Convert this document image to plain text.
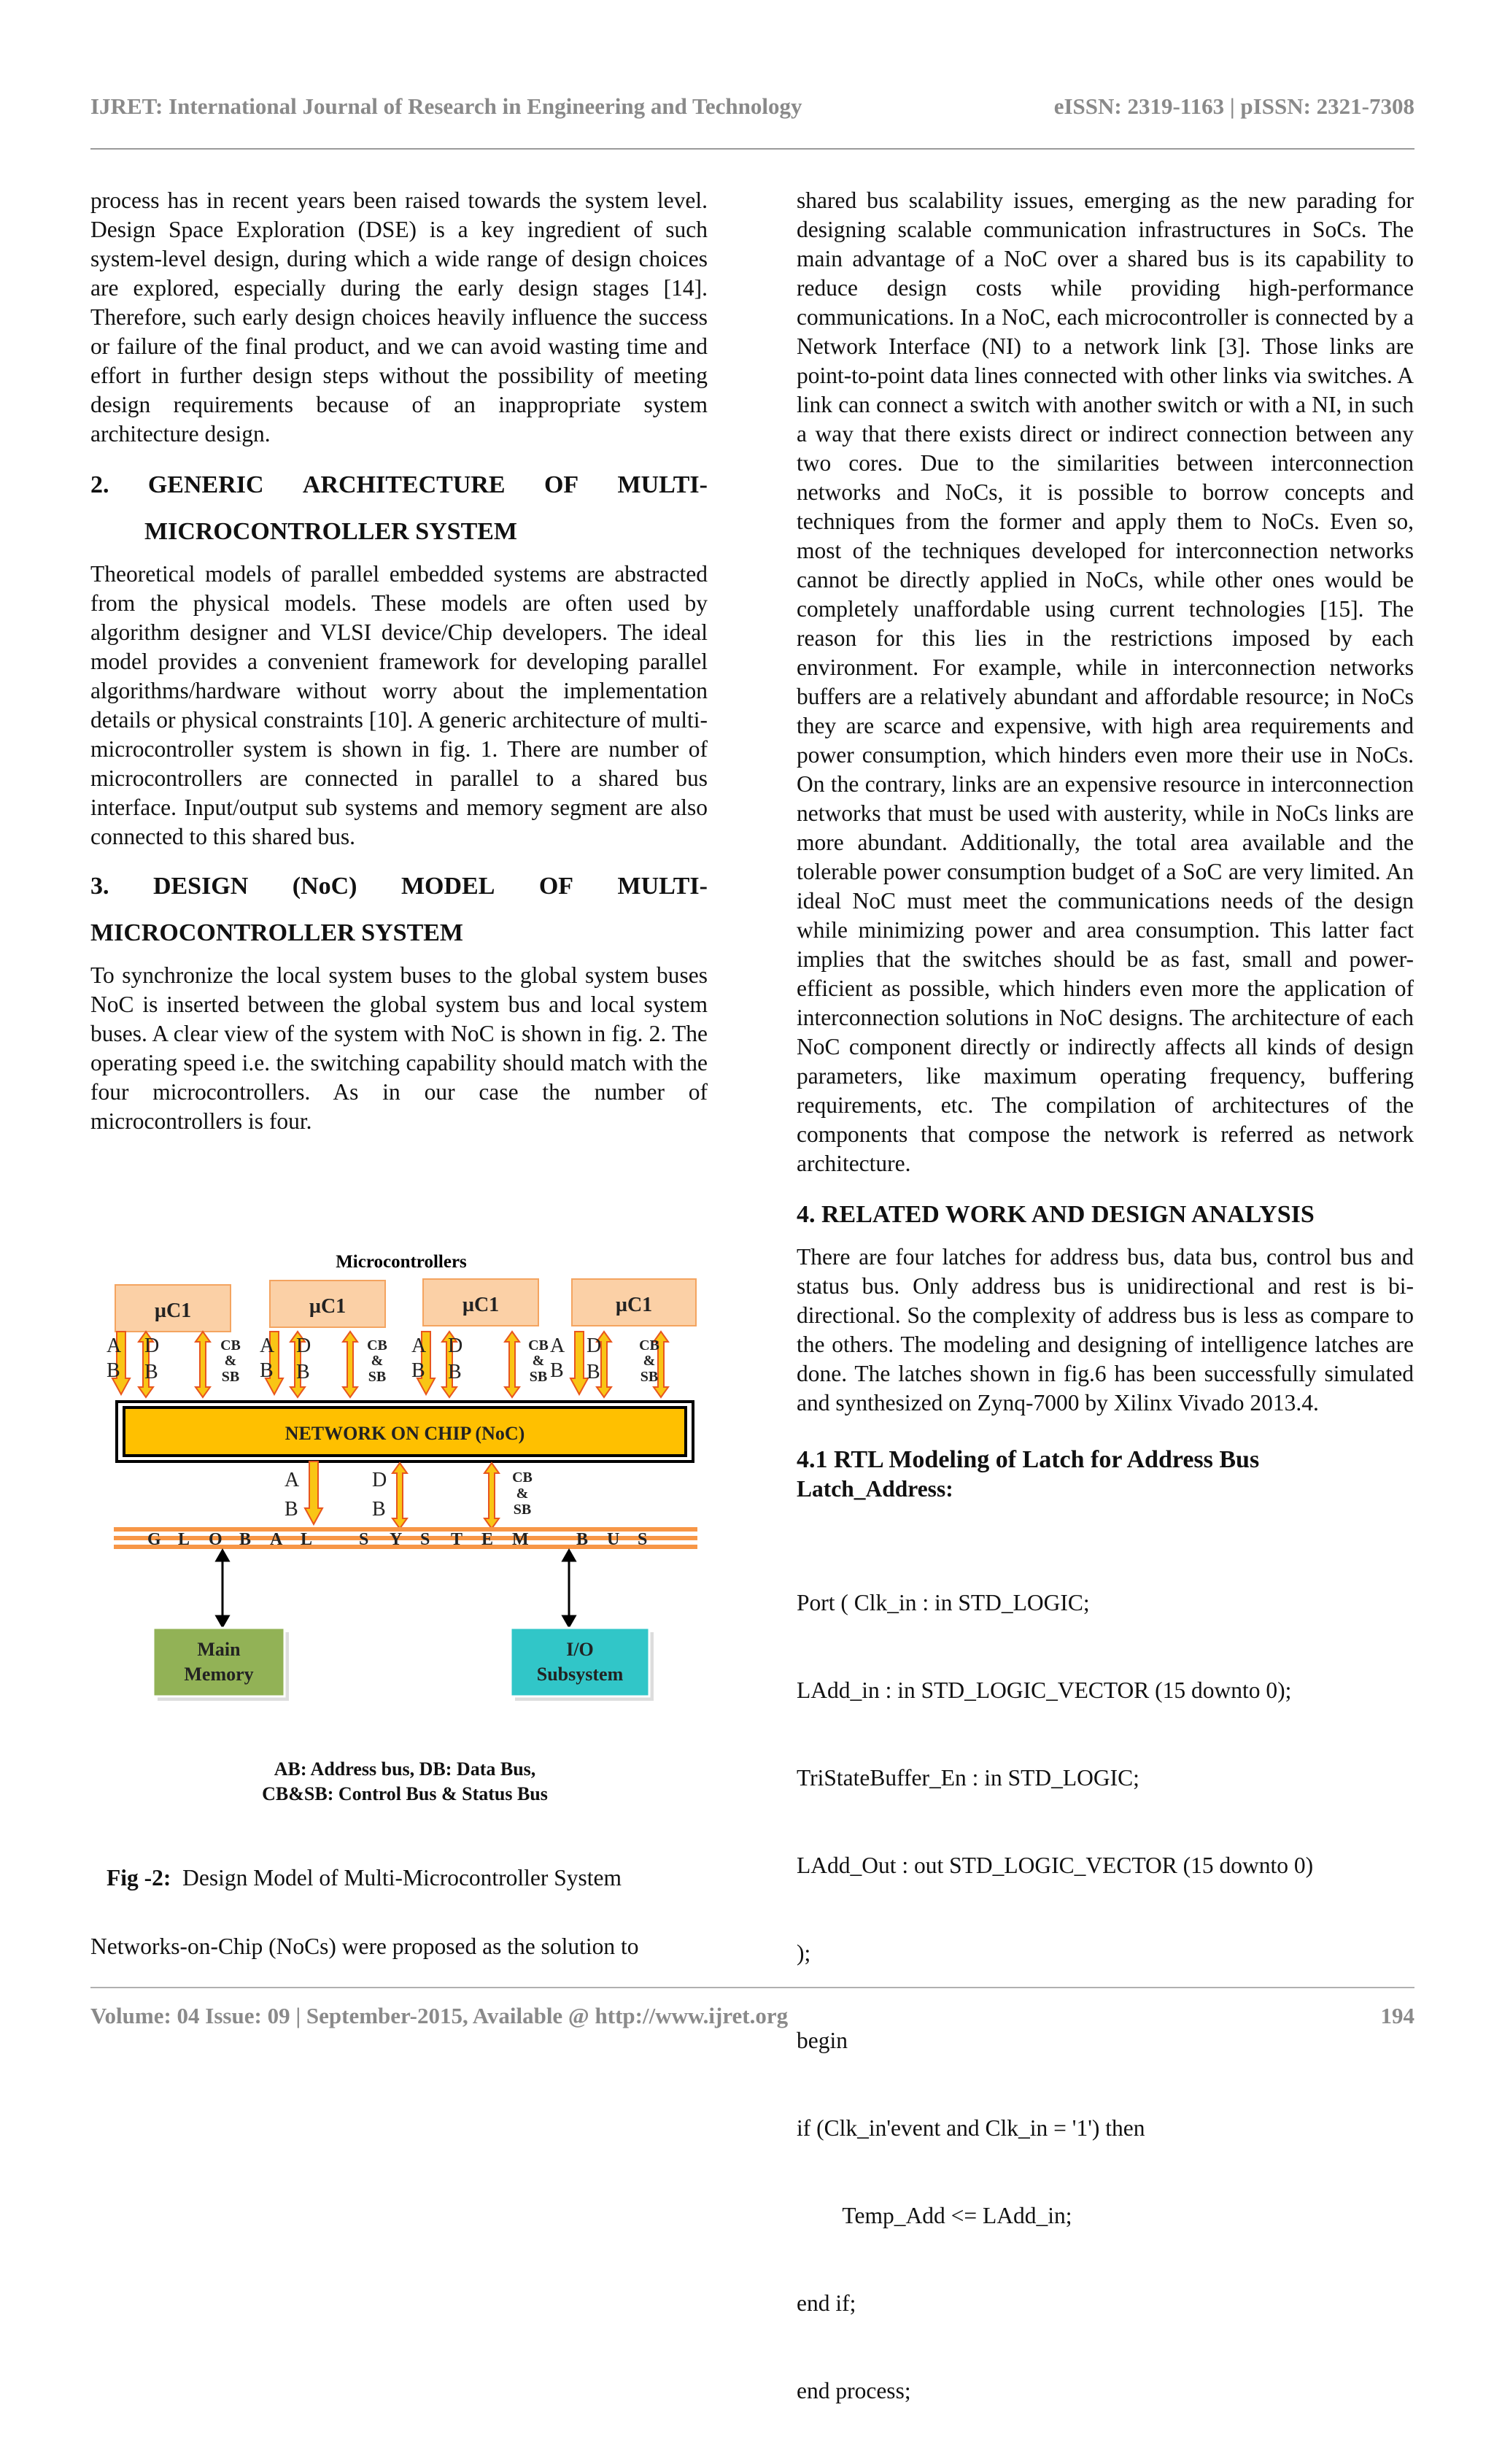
IJRET: International Journal of Research in Engineering and Technology	eISSN: 2319-1163 | pISSN: 2321-7308

process has in recent years been raised towards the system level. Design Space Exploration (DSE) is a key ingredient of such system-level design, during which a wide range of design choices are explored, especially during the early design stages [14]. Therefore, such early design choices heavily influence the success or failure of the final product, and we can avoid wasting time and effort in further design steps without the possibility of meeting design requirements because of an inappropriate system architecture design.

2. GENERIC ARCHITECTURE OF MULTI-
MICROCONTROLLER SYSTEM

Theoretical models of parallel embedded systems are abstracted from the physical models. These models are often used by algorithm designer and VLSI device/Chip developers. The ideal model provides a convenient framework for developing parallel algorithms/hardware without worry about the implementation details or physical constraints [10]. A generic architecture of multi-microcontroller system is shown in fig. 1. There are number of microcontrollers are connected in parallel to a shared bus interface. Input/output sub systems and memory segment are also connected to this shared bus.

3. DESIGN (NoC) MODEL OF MULTI-
MICROCONTROLLER SYSTEM

To synchronize the local system buses to the global system buses NoC is inserted between the global system bus and local system buses. A clear view of the system with NoC is shown in fig. 2. The operating speed i.e. the switching capability should match with the four microcontrollers. As in our case the number of microcontrollers is four.

Microcontrollers
µC1	µC1	µC1	µC1
A
B
D
B
CB
&
SB
A
B
D
B
CB
&
SB
A
B
D
B
CB
&
SB
A
B
D
B
CB
&
SB
NETWORK ON CHIP (NoC)
A
B
D
B
CB
&
SB
G L O B A L	S Y S T E M	B U S
Main
Memory
I/O
Subsystem
AB: Address bus, DB: Data Bus,
CB&SB: Control Bus & Status Bus
Fig -2: Design Model of Multi-Microcontroller System

Networks-on-Chip (NoCs) were proposed as the solution to

shared bus scalability issues, emerging as the new parading for designing scalable communication infrastructures in SoCs. The main advantage of a NoC over a shared bus is its capability to reduce design costs while providing high-performance communications. In a NoC, each microcontroller is connected by a Network Interface (NI) to a network link [3]. Those links are point-to-point data lines connected with other links via switches. A link can connect a switch with another switch or with a NI, in such a way that there exists direct or indirect connection between any two cores. Due to the similarities between interconnection networks and NoCs, it is possible to borrow concepts and techniques from the former and apply them to NoCs. Even so, most of the techniques developed for interconnection networks cannot be directly applied in NoCs, while other ones would be completely unaffordable using current technologies [15]. The reason for this lies in the restrictions imposed by each environment. For example, while in interconnection networks buffers are a relatively abundant and affordable resource; in NoCs they are scarce and expensive, with high area requirements and power consumption, which hinders even more their use in NoCs. On the contrary, links are an expensive resource in interconnection networks that must be used with austerity, while in NoCs links are more abundant. Additionally, the total area available and the tolerable power consumption budget of a SoC are very limited. An ideal NoC must meet the communications needs of the design while minimizing power and area consumption. This latter fact implies that the switches should be as fast, small and power-efficient as possible, which hinders even more the application of interconnection solutions in NoC designs. The architecture of each NoC component directly or indirectly affects all kinds of design parameters, like maximum operating frequency, buffering requirements, etc. The compilation of architectures of the components that compose the network is referred as network architecture.

4. RELATED WORK AND DESIGN ANALYSIS

There are four latches for address bus, data bus, control bus and status bus. Only address bus is unidirectional and rest is bi-directional. So the complexity of address bus is less as compare to the others. The modeling and designing of intelligence latches are done. The latches shown in fig.6 has been successfully simulated and synthesized on Zynq-7000 by Xilinx Vivado 2013.4.

4.1 RTL Modeling of Latch for Address Bus
Latch_Address:

Port ( Clk_in : in STD_LOGIC;

LAdd_in : in STD_LOGIC_VECTOR (15 downto 0);

TriStateBuffer_En : in STD_LOGIC;

LAdd_Out : out STD_LOGIC_VECTOR (15 downto 0)

);

begin

if (Clk_in'event and Clk_in = '1') then

Temp_Add <= LAdd_in;

end if;

end process;

Volume: 04 Issue: 09 | September-2015, Available @ http://www.ijret.org	194
